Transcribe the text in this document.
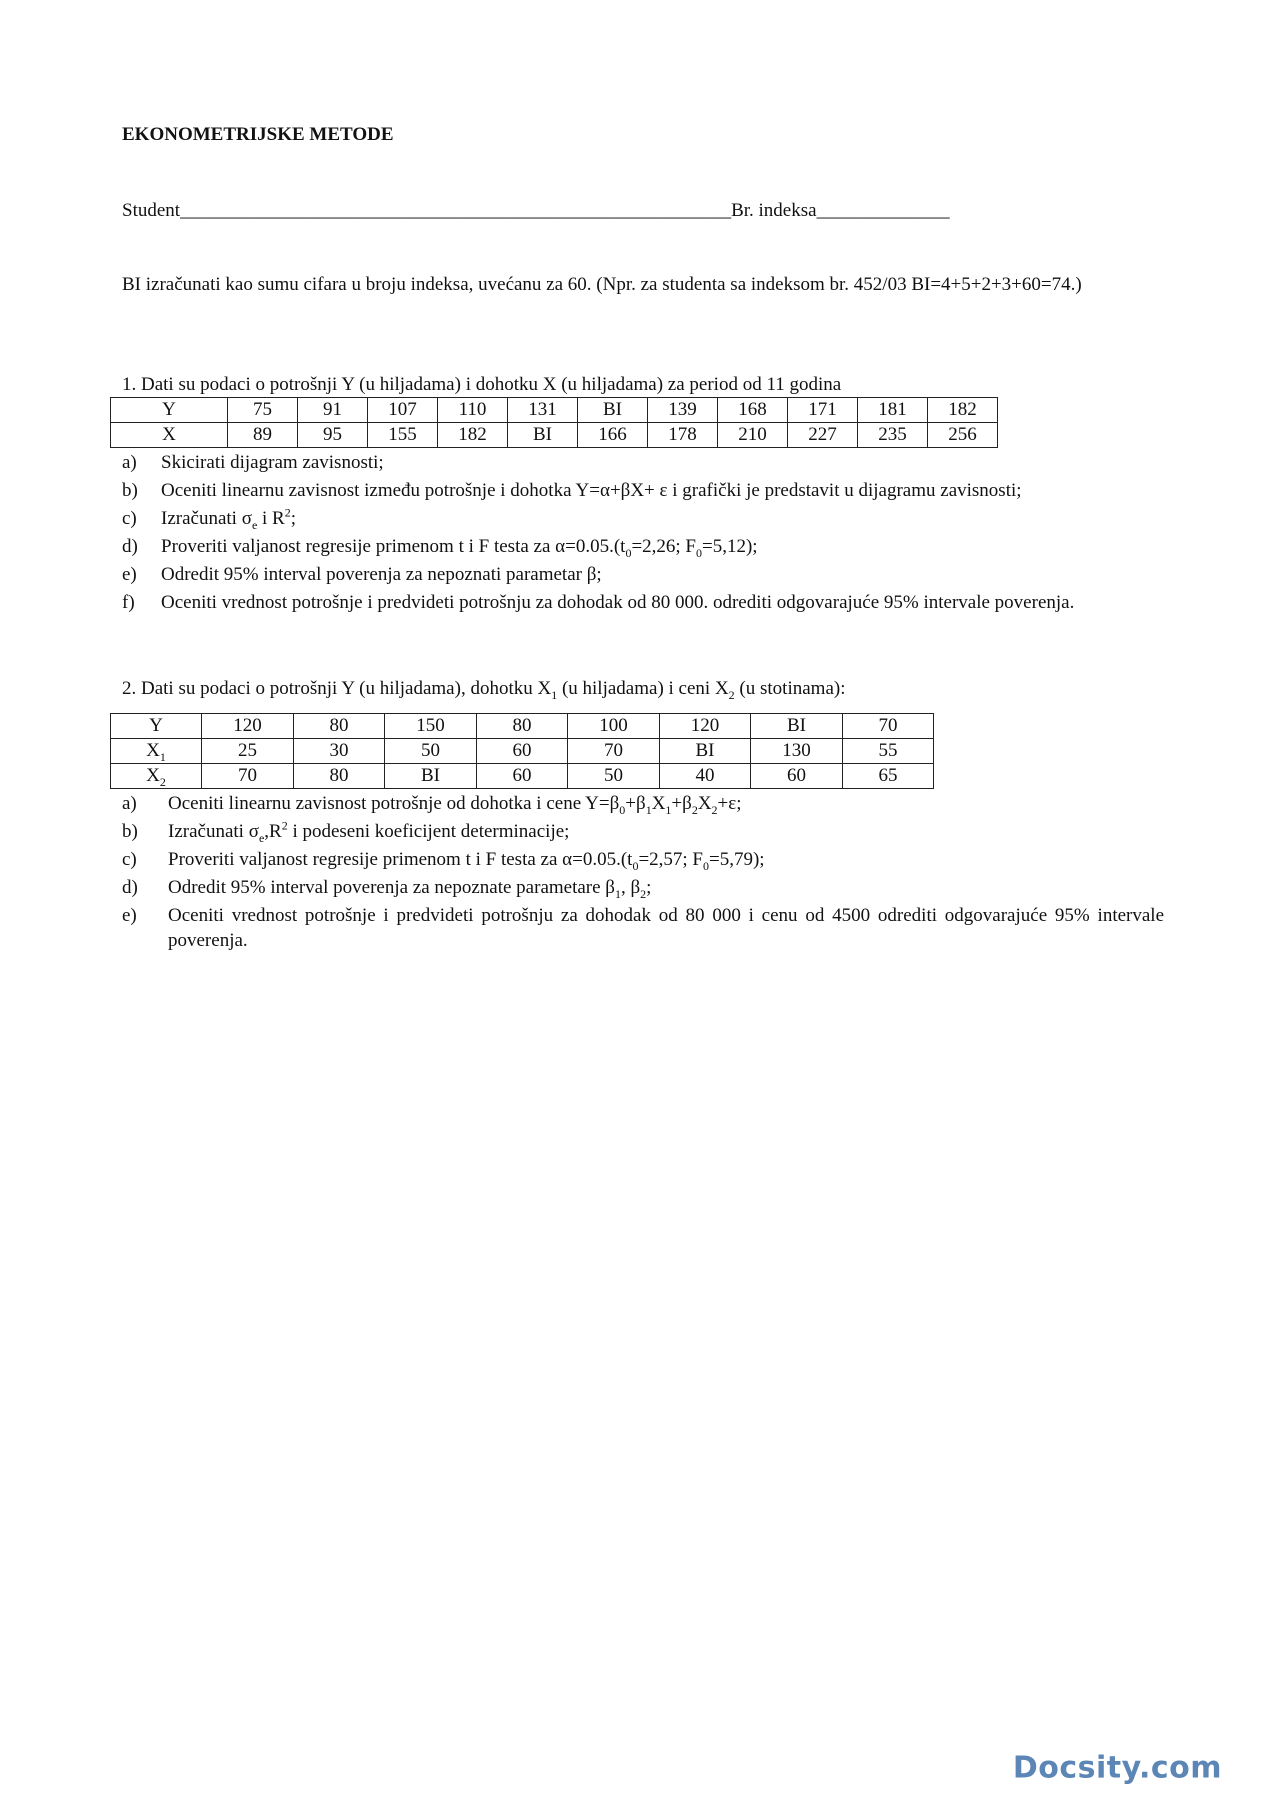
EKONOMETRIJSKE METODE
Student__________________________________________________________Br. indeksa______________

BI izračunati kao sumu cifara u broju indeksa, uvećanu za 60. (Npr. za studenta sa indeksom br. 452/03 BI=4+5+2+3+60=74.)

1. Dati su podaci o potrošnji Y (u hiljadama) i dohotku X (u hiljadama) za period od 11 godina

Y	75	91	107	110	131	BI	139	168	171	181	182
X	89	95	155	182	BI	166	178	210	227	235	256
a)	Skicirati dijagram zavisnosti;
b)	Oceniti linearnu zavisnost između potrošnje i dohotka Y=α+βX+ ε i grafički je predstavit u dijagramu zavisnosti;
c)	Izračunati $\sigma_e$ i $R^2$;
d)	Proveriti valjanost regresije primenom t i F testa za $\alpha=0.05.(t_0=2,26$; $F_0=5,12$);
e)	Odredit 95% interval poverenja za nepoznati parametar β;
f)	Oceniti vrednost potrošnje i predvideti potrošnju za dohodak od 80 000. odrediti odgovarajuće 95% intervale poverenja.

2. Dati su podaci o potrošnji Y (u hiljadama), dohotku $X_1$ (u hiljadama) i ceni $X_2$ (u stotinama):

Y	120	80	150	80	100	120	BI	70
$X_1$	25	30	50	60	70	BI	130	55
$X_2$	70	80	BI	60	50	40	60	65
a)	Oceniti linearnu zavisnost potrošnje od dohotka i cene $Y=\beta_0+\beta_1X_1+\beta_2X_2+\varepsilon$;
b)	Izračunati $\sigma_e,R^2$ i podeseni koeficijent determinacije;
c)	Proveriti valjanost regresije primenom t i F testa za $\alpha=0.05.(t_0=2,57$; $F_0=5,79$);
d)	Odredit 95% interval poverenja za nepoznate parametare $\beta_1$, $\beta_2$;
e)	Oceniti vrednost potrošnje i predvideti potrošnju za dohodak od 80 000 i cenu od 4500 odrediti odgovarajuće 95% intervale poverenja.
Docsity.com
